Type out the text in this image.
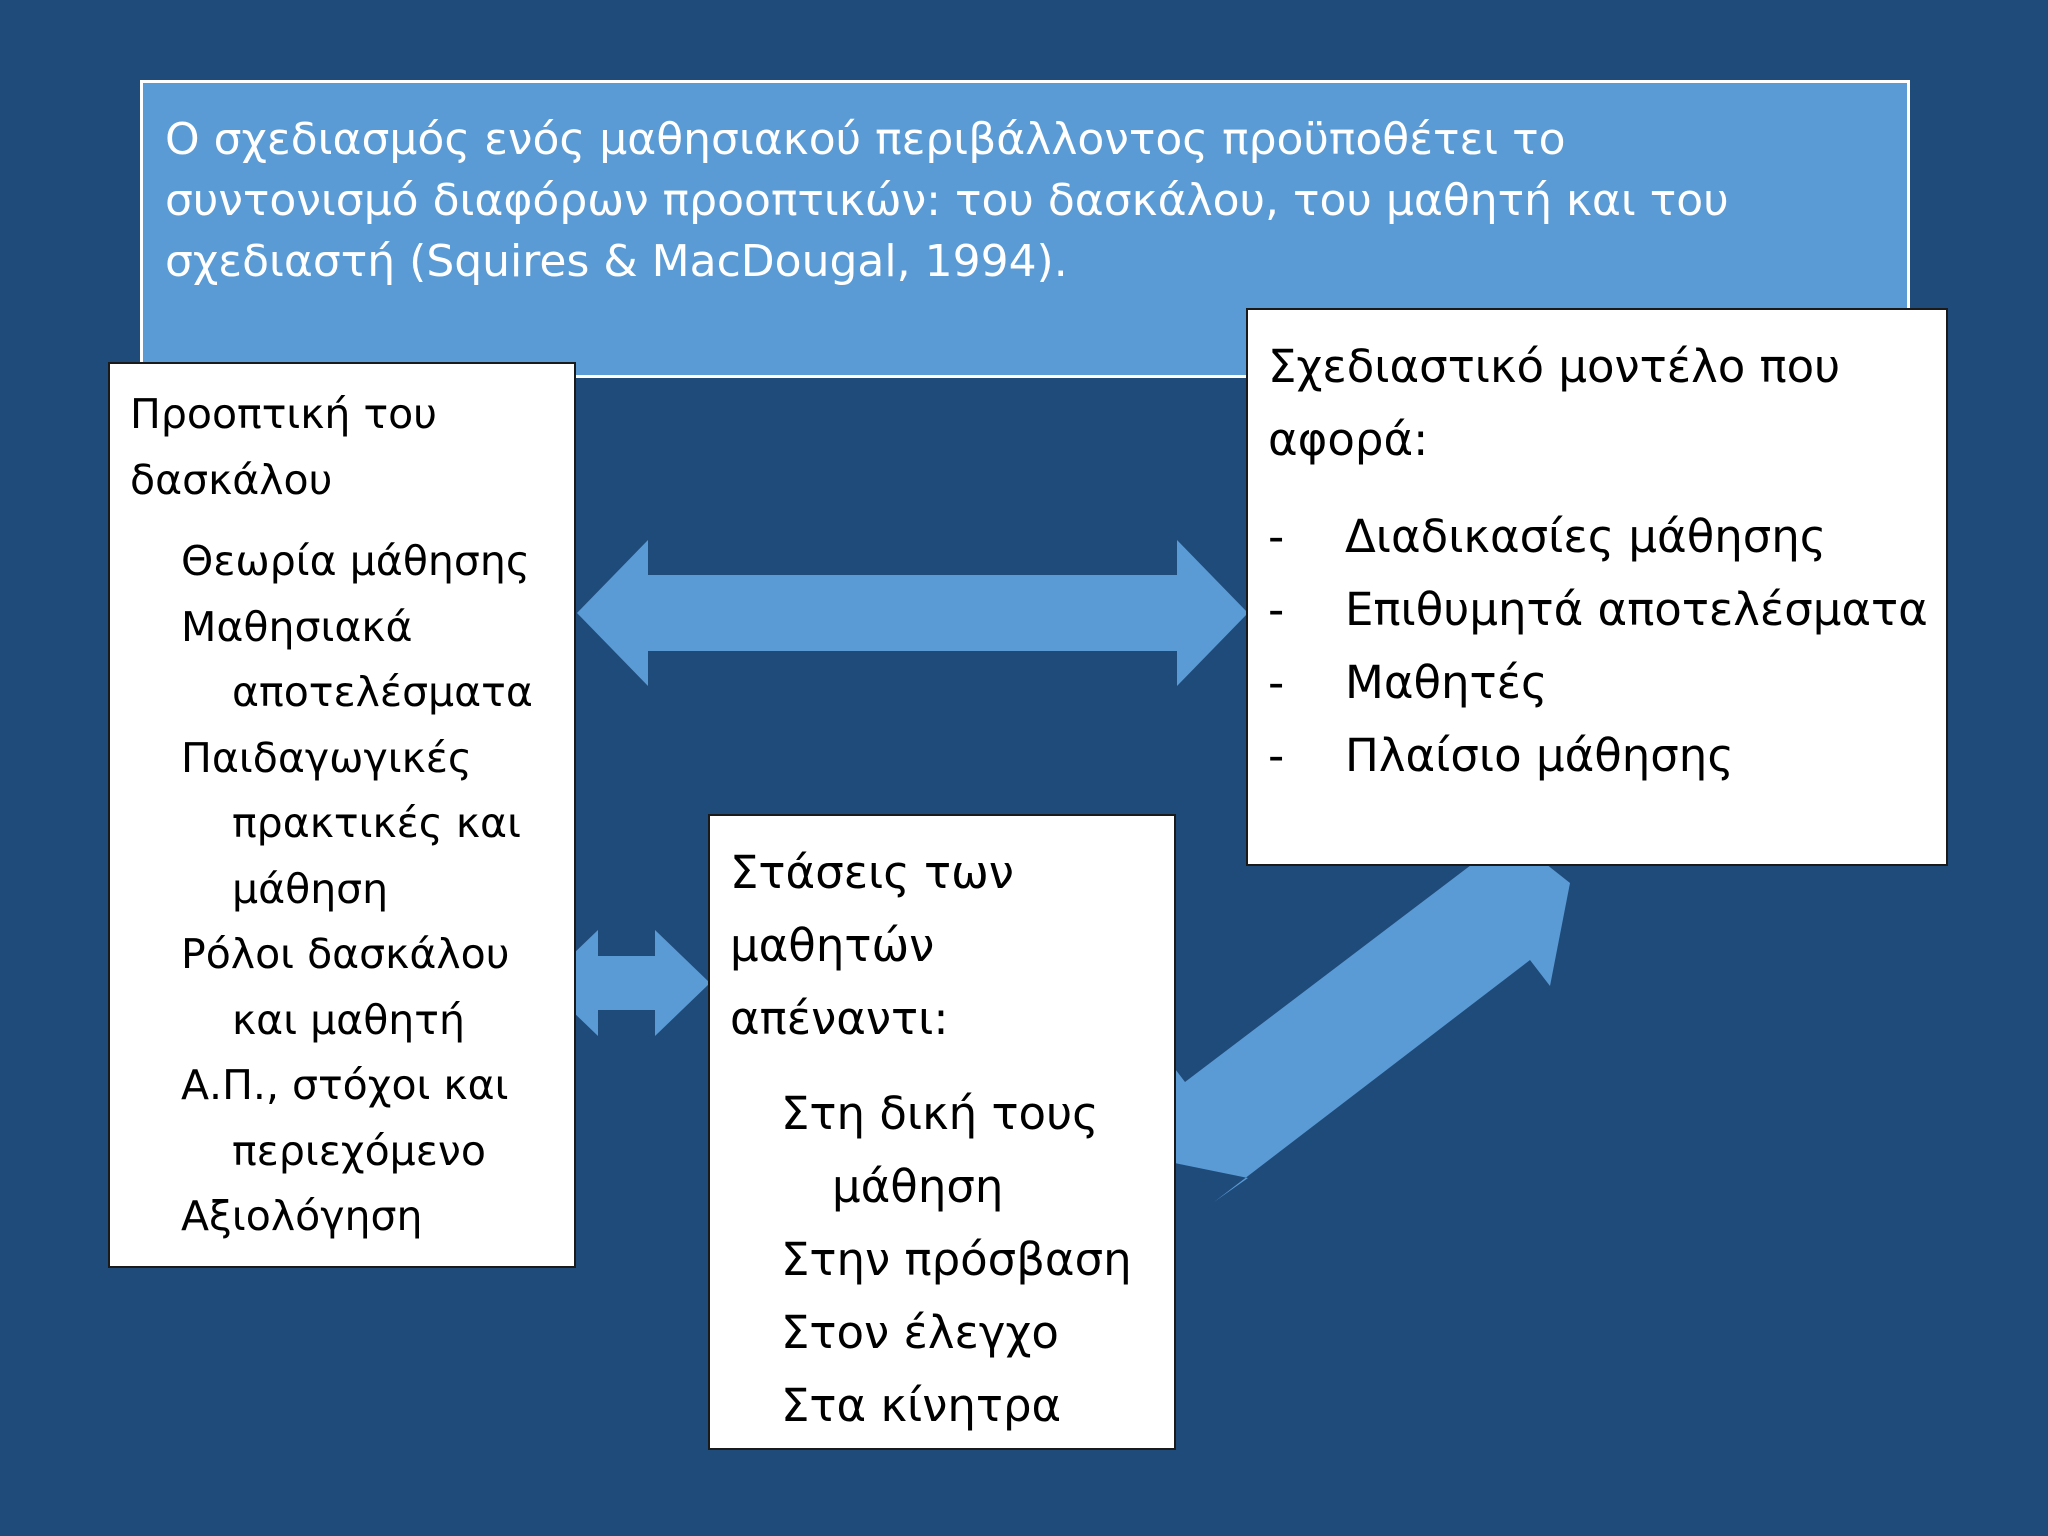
Ο σχεδιασμός ενός μαθησιακού περιβάλλοντος προϋποθέτει το
συντονισμό διαφόρων προοπτικών: του δασκάλου, του μαθητή και του
σχεδιαστή (Squires & MacDougal, 1994).
Προοπτική του
δασκάλου
Θεωρία μάθησης
Μαθησιακά αποτελέσματα
Παιδαγωγικές πρακτικές και μάθηση
Ρόλοι δασκάλου και μαθητή
Α.Π., στόχοι και περιεχόμενο
Αξιολόγηση
Σχεδιαστικό μοντέλο που
αφορά:
-	Διαδικασίες μάθησης
-	Επιθυμητά αποτελέσματα
-	Μαθητές
-	Πλαίσιο μάθησης
Στάσεις των
μαθητών
απέναντι:
Στη δική τους μάθηση
Στην πρόσβαση
Στον έλεγχο
Στα κίνητρα
